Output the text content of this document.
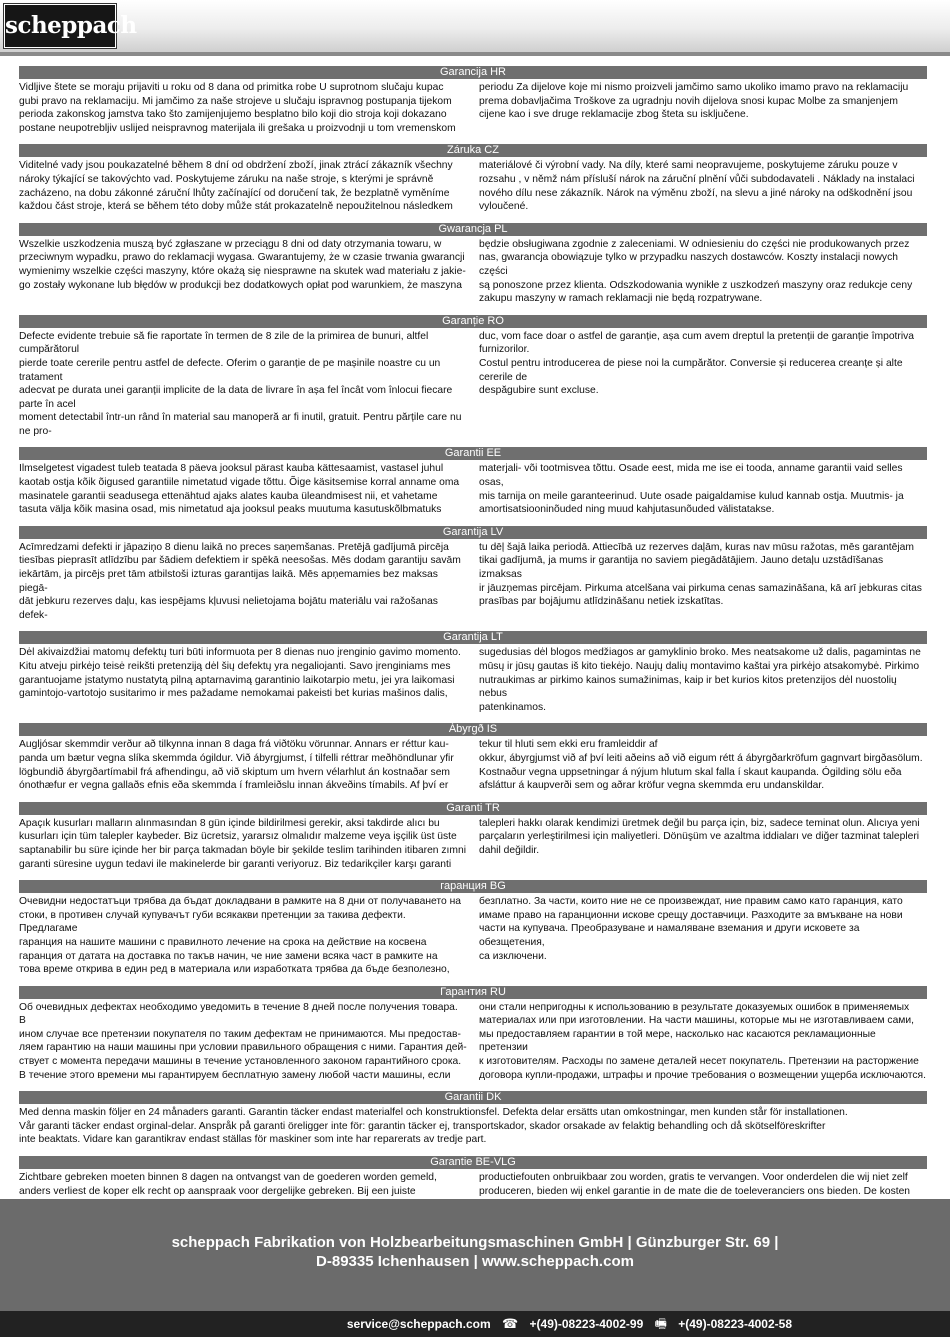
scheppach
Garancija HR
Vidljive štete se moraju prijaviti u roku od 8 dana od primitka robe U suprotnom slučaju kupac
gubi pravo na reklamaciju. Mi jamčimo za naše strojeve u slučaju ispravnog postupanja tijekom
perioda zakonskog jamstva tako što zamijenjujemo besplatno bilo koji dio stroja koji dokazano
postane neupotrebljiv uslijed neispravnog materijala ili grešaka u proizvodnji u tom vremenskom
periodu Za dijelove koje mi nismo proizveli jamčimo samo ukoliko imamo pravo na reklamaciju
prema dobavljačima Troškove za ugradnju novih dijelova snosi kupac Molbe za smanjenjem
cijene kao i sve druge reklamacije zbog šteta su isključene.
Záruka CZ
Viditelné vady jsou poukazatelné během 8 dní od obdržení zboží, jinak ztrácí zákazník všechny
nároky týkající se takovýchto vad. Poskytujeme záruku na naše stroje, s kterými je správně
zacházeno, na dobu zákonné záruční lhůty začínající od doručení tak, že bezplatně vyměníme
každou část stroje, která se během této doby může stát prokazatelně nepoužitelnou následkem
materiálové či výrobní vady. Na díly, které sami neopravujeme, poskytujeme záruku pouze v
rozsahu , v němž nám přísluší nárok na záruční plnění vůči subdodavateli . Náklady na instalaci
nového dílu nese zákazník. Nárok na výměnu zboží, na slevu a jiné nároky na odškodnění jsou
vyloučené.
Gwarancja PL
Wszelkie uszkodzenia muszą być zgłaszane w przeciągu 8 dni od daty otrzymania towaru, w
przeciwnym wypadku, prawo do reklamacji wygasa. Gwarantujemy, że w czasie trwania gwarancji
wymienimy wszelkie części maszyny, które okażą się niesprawne na skutek wad materiału z jakie-
go zostały wykonane lub błędów w produkcji bez dodatkowych opłat pod warunkiem, że maszyna
będzie obsługiwana zgodnie z zaleceniami. W odniesieniu do części nie produkowanych przez
nas, gwarancja obowiązuje tylko w przypadku naszych dostawców. Koszty instalacji nowych części
są ponoszone przez klienta. Odszkodowania wynikłe z uszkodzeń maszyny oraz redukcje ceny
zakupu maszyny w ramach reklamacji nie będą rozpatrywane.
Garanție RO
Defecte evidente trebuie să fie raportate în termen de 8 zile de la primirea de bunuri, altfel cumpărătorul
pierde toate cererile pentru astfel de defecte. Oferim o garanție de pe mașinile noastre cu un tratament
adecvat pe durata unei garanții implicite de la data de livrare în așa fel încât vom înlocui fiecare parte în acel
moment detectabil într-un rând în material sau manoperă ar fi inutil, gratuit. Pentru părțile care nu ne pro-
duc, vom face doar o astfel de garanție, așa cum avem dreptul la pretenții de garanție împotriva furnizorilor.
Costul pentru introducerea de piese noi la cumpărător. Conversie și reducerea creanțe și alte cererile de
despăgubire sunt excluse.
Garantii EE
Ilmselgetest vigadest tuleb teatada 8 päeva jooksul pärast kauba kättesaamist, vastasel juhul
kaotab ostja kõik õigused garantiile nimetatud vigade tõttu. Õige käsitsemise korral anname oma
masinatele garantii seadusega ettenähtud ajaks alates kauba üleandmisest nii, et vahetame
tasuta välja kõik masina osad, mis nimetatud aja jooksul peaks muutuma kasutuskõlbmatuks
materjali- või tootmisvea tõttu. Osade eest, mida me ise ei tooda, anname garantii vaid selles osas,
mis tarnija on meile garanteerinud. Uute osade paigaldamise kulud kannab ostja. Muutmis- ja
amortisatsiooninõuded ning muud kahjutasunõuded välistatakse.
Garantija LV
Acīmredzami defekti ir jāpaziņo 8 dienu laikā no preces saņemšanas. Pretējā gadījumā pircēja
tiesības pieprasīt atlīdzību par šādiem defektiem ir spēkā neesošas. Mēs dodam garantiju savām
iekārtām, ja pircējs pret tām atbilstoši izturas garantijas laikā. Mēs apņemamies bez maksas piegā-
dāt jebkuru rezerves daļu, kas iespējams kļuvusi nelietojama bojātu materiālu vai ražošanas defek-
tu dēļ šajā laika periodā. Attiecībā uz rezerves daļām, kuras nav mūsu ražotas, mēs garantējam
tikai gadījumā, ja mums ir garantija no saviem piegādātājiem. Jauno detaļu uzstādīšanas izmaksas
ir jāuzņemas pircējam. Pirkuma atcelšana vai pirkuma cenas samazināšana, kā arī jebkuras citas
prasības par bojājumu atlīdzināšanu netiek izskatītas.
Garantija LT
Dėl akivaizdžiai matomų defektų turi būti informuota per 8 dienas nuo įrenginio gavimo momento.
Kitu atveju pirkėjo teisė reikšti pretenziją dėl šių defektų yra negaliojanti. Savo įrenginiams mes
garantuojame įstatymo nustatytą pilną aptarnavimą garantinio laikotarpio metu, jei yra laikomasi
gamintojo-vartotojo susitarimo ir mes pažadame nemokamai pakeisti bet kurias mašinos dalis,
sugedusias dėl blogos medžiagos ar gamyklinio broko. Mes neatsakome už dalis, pagamintas ne
mūsų ir jūsų gautas iš kito tiekėjo. Naujų dalių montavimo kaštai yra pirkėjo atsakomybė. Pirkimo
nutraukimas ar pirkimo kainos sumažinimas, kaip ir bet kurios kitos pretenzijos dėl nuostolių nebus
patenkinamos.
Ábyrgð IS
Augljósar skemmdir verður að tilkynna innan 8 daga frá viðtöku vörunnar. Annars er réttur kau-
panda um bætur vegna slíka skemmda ógildur. Við ábyrgjumst, í tilfelli réttrar meðhöndlunar yfir
lögbundið ábyrgðartímabil frá afhendingu, að við skiptum um hvern vélarhlut án kostnaðar sem
ónothæfur er vegna gallaðs efnis eða skemmda í framleiðslu innan ákveðins tímabils. Af því er
tekur til hluti sem ekki eru framleiddir af
okkur, ábyrgjumst við af því leiti aðeins að við eigum rétt á ábyrgðarkröfum gagnvart birgðasölum.
Kostnaður vegna uppsetningar á nýjum hlutum skal falla í skaut kaupanda. Ógilding sölu eða
afsláttur á kaupverði sem og aðrar kröfur vegna skemmda eru undanskildar.
Garanti TR
Apaçık kusurları malların alınmasından 8 gün içinde bildirilmesi gerekir, aksi takdirde alıcı bu
kusurları için tüm talepler kaybeder. Biz ücretsiz, yararsız olmalıdır malzeme veya işçilik üst üste
saptanabilir bu süre içinde her bir parça takmadan böyle bir şekilde teslim tarihinden itibaren zımni
garanti süresine uygun tedavi ile makinelerde bir garanti veriyoruz. Biz tedarikçiler karşı garanti
talepleri hakkı olarak kendimizi üretmek değil bu parça için, biz, sadece teminat olun. Alıcıya yeni
parçaların yerleştirilmesi için maliyetleri. Dönüşüm ve azaltma iddiaları ve diğer tazminat talepleri
dahil değildir.
гаранция BG
Очевидни недостатъци трябва да бъдат докладвани в рамките на 8 дни от получаването на
стоки, в противен случай купувачът губи всякакви претенции за такива дефекти. Предлагаме
гаранция на нашите машини с правилното лечение на срока на действие на косвена
гаранция от датата на доставка по такъв начин, че ние замени всяка част в рамките на
това време открива в един ред в материала или изработката трябва да бъде безполезно,
безплатно. За части, които ние не се произвеждат, ние правим само като гаранция, като
имаме право на гаранционни искове срещу доставчици. Разходите за вмъкване на нови
части на купувача. Преобразуване и намаляване вземания и други исковете за обезщетения,
са изключени.
Гарантия RU
Об очевидных дефектах необходимо уведомить в течение 8 дней после получения товара. В
ином случае все претензии покупателя по таким дефектам не принимаются. Мы предостав-
ляем гарантию на наши машины при условии правильного обращения с ними. Гарантия дей-
ствует с момента передачи машины в течение установленного законом гарантийного срока.
В течение этого времени мы гарантируем бесплатную замену любой части машины, если
они стали непригодны к использованию в результате доказуемых ошибок в применяемых
материалах или при изготовлении. На части машины, которые мы не изготавливаем сами,
мы предоставляем гарантии в той мере, насколько нас касаются рекламационные претензии
к изготовителям. Расходы по замене деталей несет покупатель. Претензии на расторжение
договора купли-продажи, штрафы и прочие требования о возмещении ущерба исключаются.
Garantii DK
Med denna maskin följer en 24 månaders garanti. Garantin täcker endast materialfel och konstruktionsfel. Defekta delar ersätts utan omkostningar, men kunden står för installationen.
Vår garanti täcker endast orginal-delar. Anspråk på garanti öreligger inte för: garantin täcker ej, transportskador, skador orsakade av felaktig behandling och då skötselföreskrifter
inte beaktats. Vidare kan garantikrav endast ställas för maskiner som inte har reparerats av tredje part.
Garantie BE-VLG
Zichtbare gebreken moeten binnen 8 dagen na ontvangst van de goederen worden gemeld,
anders verliest de koper elk recht op aanspraak voor dergelijke gebreken. Bij een juiste

productiefouten onbruikbaar zou worden, gratis te vervangen. Voor onderdelen die wij niet zelf
produceren, bieden wij enkel garantie in de mate die de toeleveranciers ons bieden. De kosten

scheppach Fabrikation von Holzbearbeitungsmaschinen GmbH | Günzburger Str. 69 |
D-89335 Ichenhausen | www.scheppach.com
service@scheppach.com ☎ +(49)-08223-4002-99 🖷 +(49)-08223-4002-58
